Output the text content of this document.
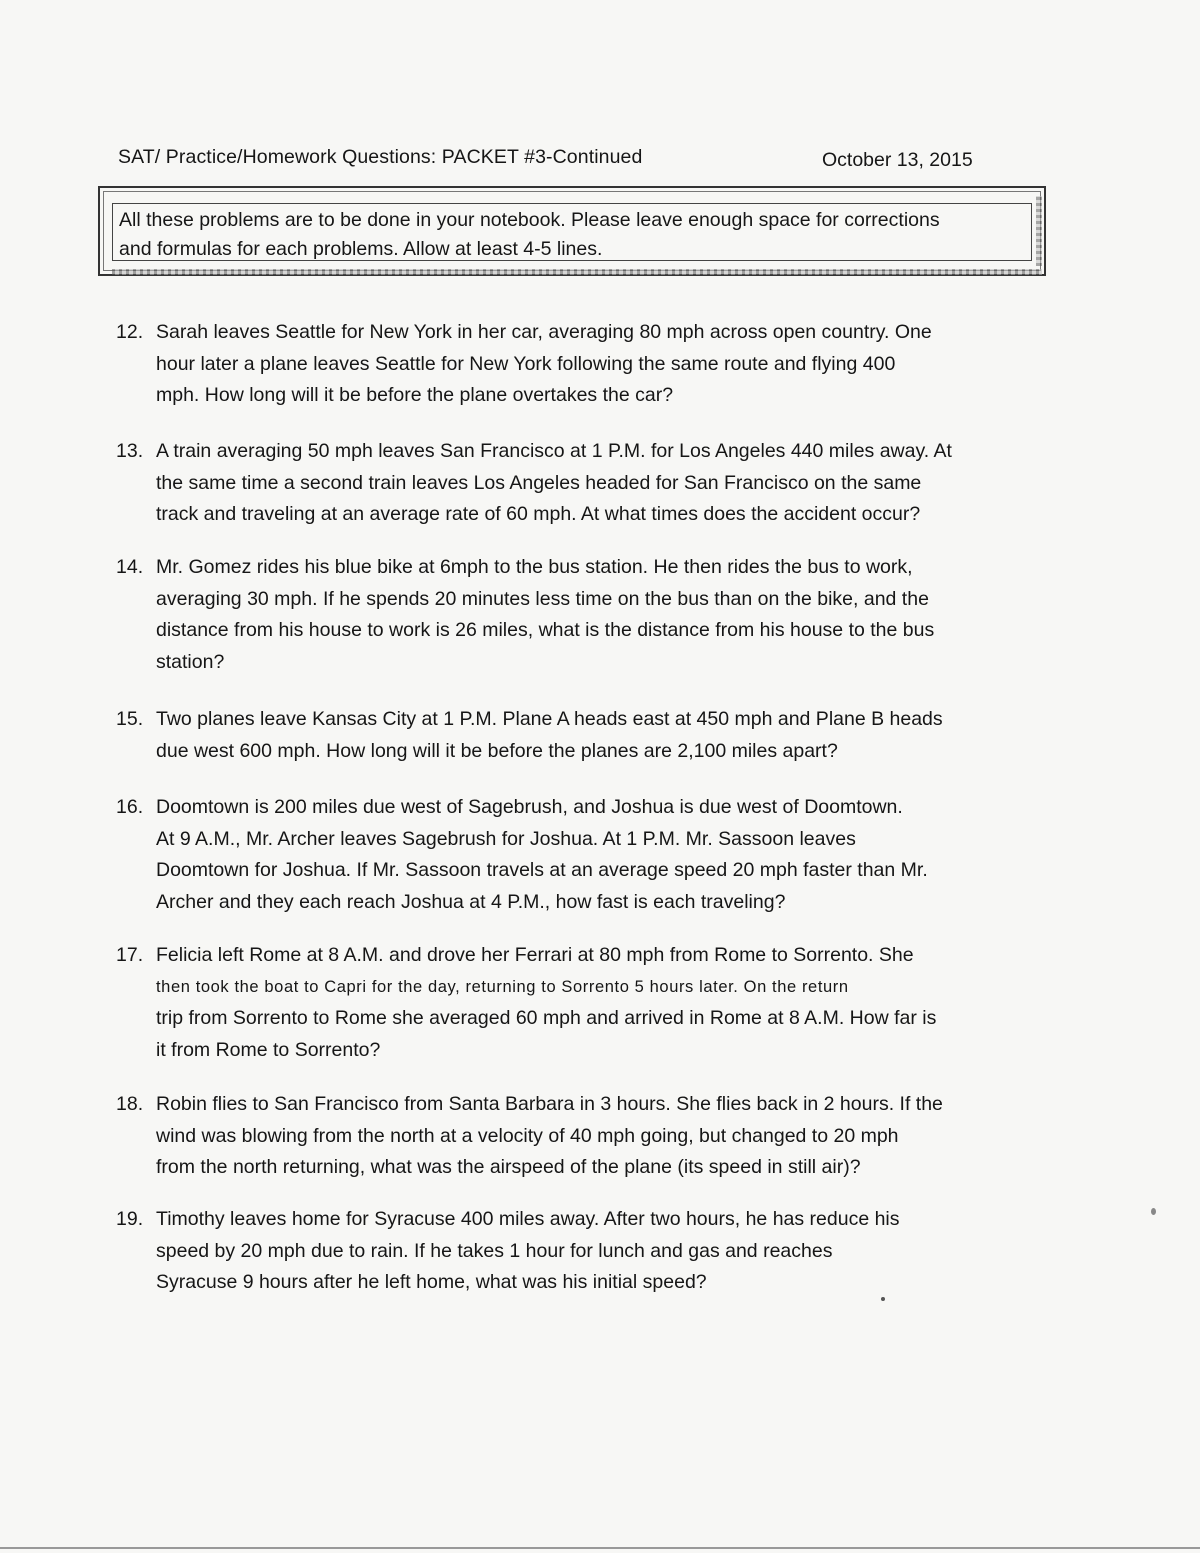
SAT/ Practice/Homework Questions: PACKET #3-Continued	October 13, 2015
All these problems are to be done in your notebook. Please leave enough space for corrections
and formulas for each problems. Allow at least 4-5 lines.
12. Sarah leaves Seattle for New York in her car, averaging 80 mph across open country. One
hour later a plane leaves Seattle for New York following the same route and flying 400
mph. How long will it be before the plane overtakes the car?
13. A train averaging 50 mph leaves San Francisco at 1 P.M. for Los Angeles 440 miles away. At
the same time a second train leaves Los Angeles headed for San Francisco on the same
track and traveling at an average rate of 60 mph. At what times does the accident occur?
14. Mr. Gomez rides his blue bike at 6mph to the bus station. He then rides the bus to work,
averaging 30 mph. If he spends 20 minutes less time on the bus than on the bike, and the
distance from his house to work is 26 miles, what is the distance from his house to the bus
station?
15. Two planes leave Kansas City at 1 P.M. Plane A heads east at 450 mph and Plane B heads
due west 600 mph. How long will it be before the planes are 2,100 miles apart?
16. Doomtown is 200 miles due west of Sagebrush, and Joshua is due west of Doomtown.
At 9 A.M., Mr. Archer leaves Sagebrush for Joshua. At 1 P.M. Mr. Sassoon leaves
Doomtown for Joshua. If Mr. Sassoon travels at an average speed 20 mph faster than Mr.
Archer and they each reach Joshua at 4 P.M., how fast is each traveling?
17. Felicia left Rome at 8 A.M. and drove her Ferrari at 80 mph from Rome to Sorrento. She
then took the boat to Capri for the day, returning to Sorrento 5 hours later. On the return
trip from Sorrento to Rome she averaged 60 mph and arrived in Rome at 8 A.M. How far is
it from Rome to Sorrento?
18. Robin flies to San Francisco from Santa Barbara in 3 hours. She flies back in 2 hours. If the
wind was blowing from the north at a velocity of 40 mph going, but changed to 20 mph
from the north returning, what was the airspeed of the plane (its speed in still air)?
19. Timothy leaves home for Syracuse 400 miles away. After two hours, he has reduce his
speed by 20 mph due to rain. If he takes 1 hour for lunch and gas and reaches
Syracuse 9 hours after he left home, what was his initial speed?
